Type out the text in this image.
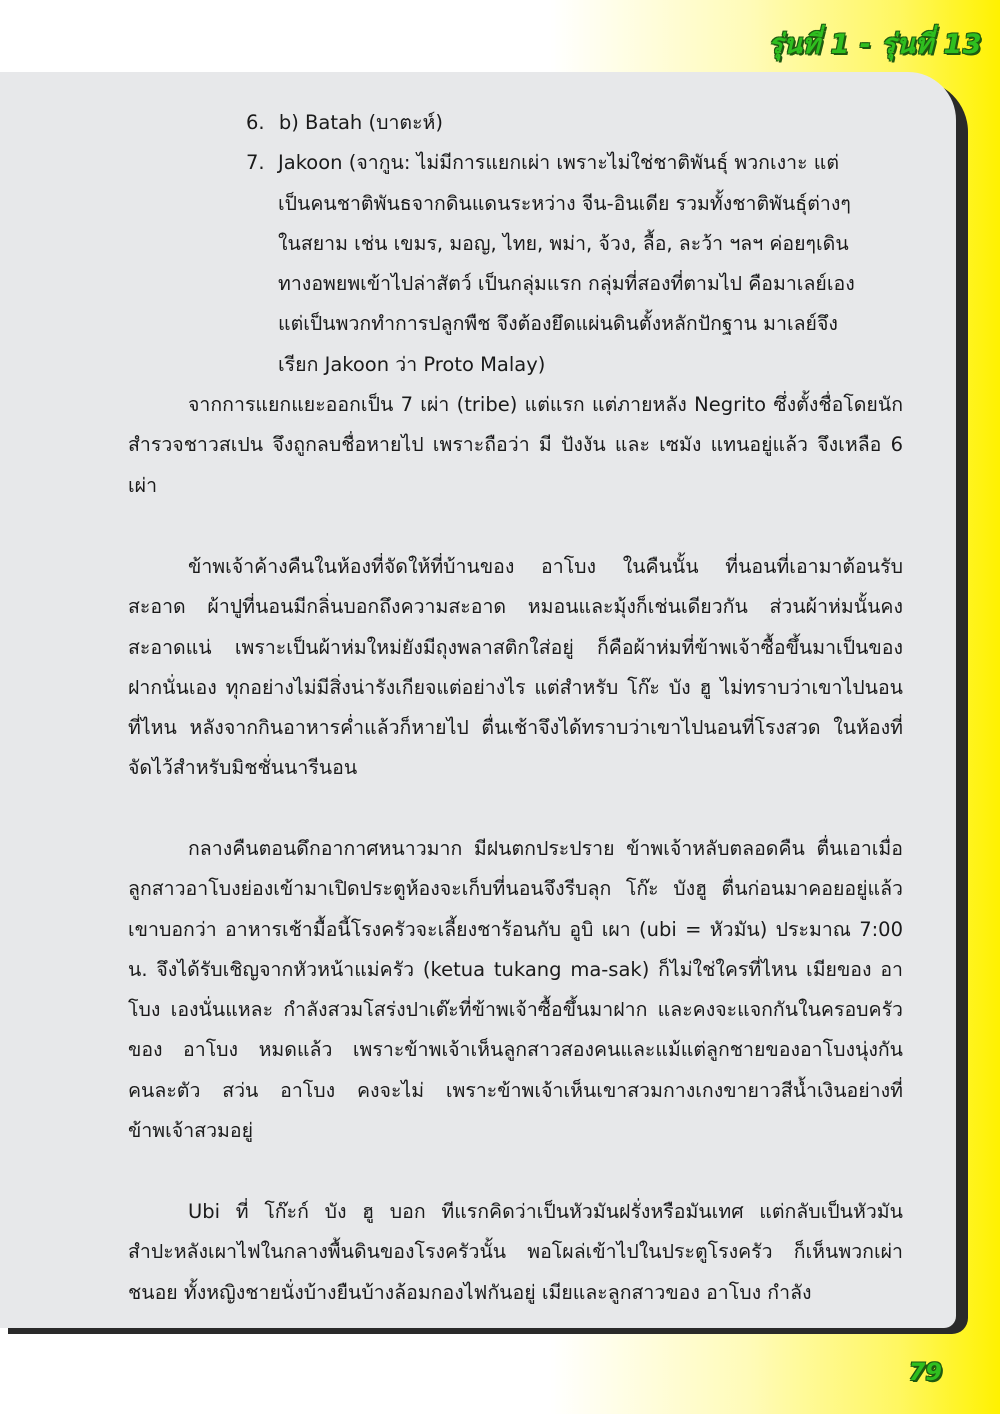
รุ่นที่ 1 - รุ่นที่ 13
6. b) Batah (บาตะห์)
7. Jakoon (จากูน: ไม่มีการแยกเผ่า เพราะไม่ใช่ชาติพันธุ์ พวกเงาะ แต่
เป็นคนชาติพันธจากดินแดนระหว่าง จีน-อินเดีย รวมทั้งชาติพันธุ์ต่างๆ
ในสยาม เช่น เขมร, มอญ, ไทย, พม่า, จ้วง, ลื้อ, ละว้า ฯลฯ ค่อยๆเดิน
ทางอพยพเข้าไปล่าสัตว์ เป็นกลุ่มแรก กลุ่มที่สองที่ตามไป คือมาเลย์เอง
แต่เป็นพวกทำการปลูกพืช จึงต้องยึดแผ่นดินตั้งหลักปักฐาน มาเลย์จึง
เรียก Jakoon ว่า Proto Malay)

จากการแยกแยะออกเป็น 7 เผ่า (tribe) แต่แรก แต่ภายหลัง Negrito ซึ่งตั้งชื่อโดยนักสำรวจชาวสเปน จึงถูกลบชื่อหายไป เพราะถือว่า มี ปังงัน และ เซมัง แทนอยู่แล้ว จึงเหลือ 6 เผ่า

ข้าพเจ้าค้างคืนในห้องที่จัดให้ที่บ้านของ อาโบง ในคืนนั้น ที่นอนที่เอามาต้อนรับ สะอาด ผ้าปูที่นอนมีกลิ่นบอกถึงความสะอาด หมอนและมุ้งก็เช่นเดียวกัน ส่วนผ้าห่มนั้นคงสะอาดแน่ เพราะเป็นผ้าห่มใหม่ยังมีถุงพลาสติกใส่อยู่ ก็คือผ้าห่มที่ข้าพเจ้าซื้อขึ้นมาเป็นของฝากนั่นเอง ทุกอย่างไม่มีสิ่งน่ารังเกียจแต่อย่างไร แต่สำหรับ โก๊ะ บัง ฮู ไม่ทราบว่าเขาไปนอนที่ไหน หลังจากกินอาหารค่ำแล้วก็หายไป ตื่นเช้าจึงได้ทราบว่าเขาไปนอนที่โรงสวด ในห้องที่จัดไว้สำหรับมิชชั่นนารีนอน

กลางคืนตอนดึกอากาศหนาวมาก มีฝนตกประปราย ข้าพเจ้าหลับตลอดคืน ตื่นเอาเมื่อลูกสาวอาโบงย่องเข้ามาเปิดประตูห้องจะเก็บที่นอนจึงรีบลุก โก๊ะ บังฮู ตื่นก่อนมาคอยอยู่แล้ว เขาบอกว่า อาหารเช้ามื้อนี้โรงครัวจะเลี้ยงชาร้อนกับ อูบิ เผา (ubi = หัวมัน) ประมาณ 7:00 น. จึงได้รับเชิญจากหัวหน้าแม่ครัว (ketua tukang ma-sak) ก็ไม่ใช่ใครที่ไหน เมียของ อาโบง เองนั่นแหละ กำลังสวมโสร่งปาเต๊ะที่ข้าพเจ้าซื้อขึ้นมาฝาก และคงจะแจกกันในครอบครัวของ อาโบง หมดแล้ว เพราะข้าพเจ้าเห็นลูกสาวสองคนและแม้แต่ลูกชายของอาโบงนุ่งกันคนละตัว สว่น อาโบง คงจะไม่ เพราะข้าพเจ้าเห็นเขาสวมกางเกงขายาวสีน้ำเงินอย่างที่ข้าพเจ้าสวมอยู่

Ubi ที่ โก๊ะก์ บัง ฮู บอก ทีแรกคิดว่าเป็นหัวมันฝรั่งหรือมันเทศ แต่กลับเป็นหัวมันสำปะหลังเผาไฟในกลางพื้นดินของโรงครัวนั้น พอโผล่เข้าไปในประตูโรงครัว ก็เห็นพวกเผ่าชนอย ทั้งหญิงชายนั่งบ้างยืนบ้างล้อมกองไฟกันอยู่ เมียและลูกสาวของ อาโบง กำลัง

79
